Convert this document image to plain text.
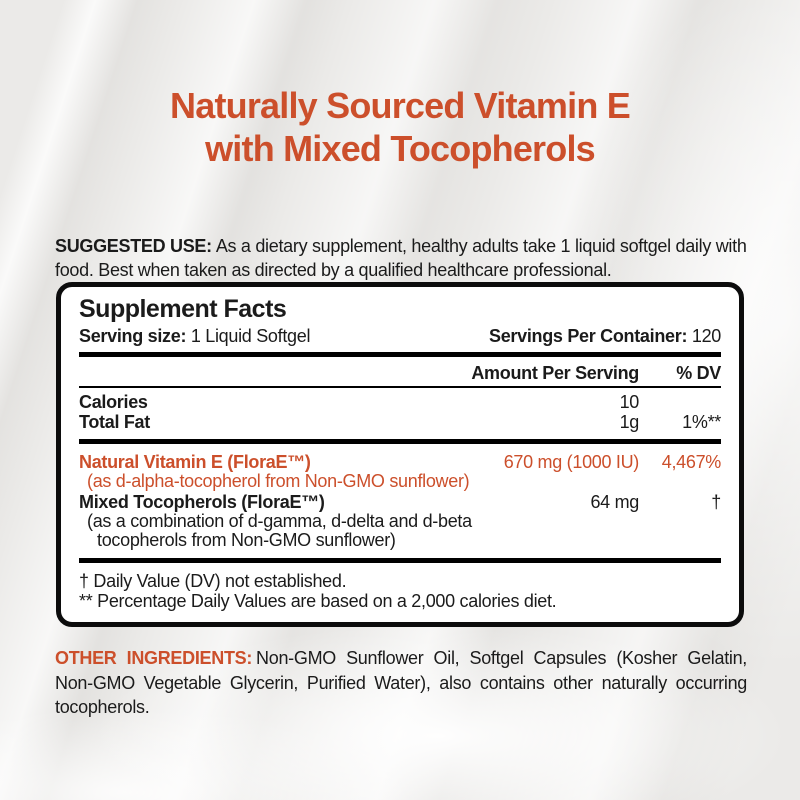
Naturally Sourced Vitamin E
with Mixed Tocopherols

SUGGESTED USE: As a dietary supplement, healthy adults take 1 liquid softgel daily with food. Best when taken as directed by a qualified healthcare professional.

Supplement Facts
Serving size: 1 Liquid Softgel	Servings Per Container: 120
Amount Per Serving	% DV
Calories	10
Total Fat	1g	1%**
Natural Vitamin E (FloraE™)	670 mg (1000 IU)	4,467%
(as d-alpha-tocopherol from Non-GMO sunflower)
Mixed Tocopherols (FloraE™)	64 mg	†
(as a combination of d-gamma, d-delta and d-beta
tocopherols from Non-GMO sunflower)
† Daily Value (DV) not established.
** Percentage Daily Values are based on a 2,000 calories diet.

OTHER INGREDIENTS: Non-GMO Sunflower Oil, Softgel Capsules (Kosher Gelatin, Non-GMO Vegetable Glycerin, Purified Water), also contains other naturally occurring tocopherols.
